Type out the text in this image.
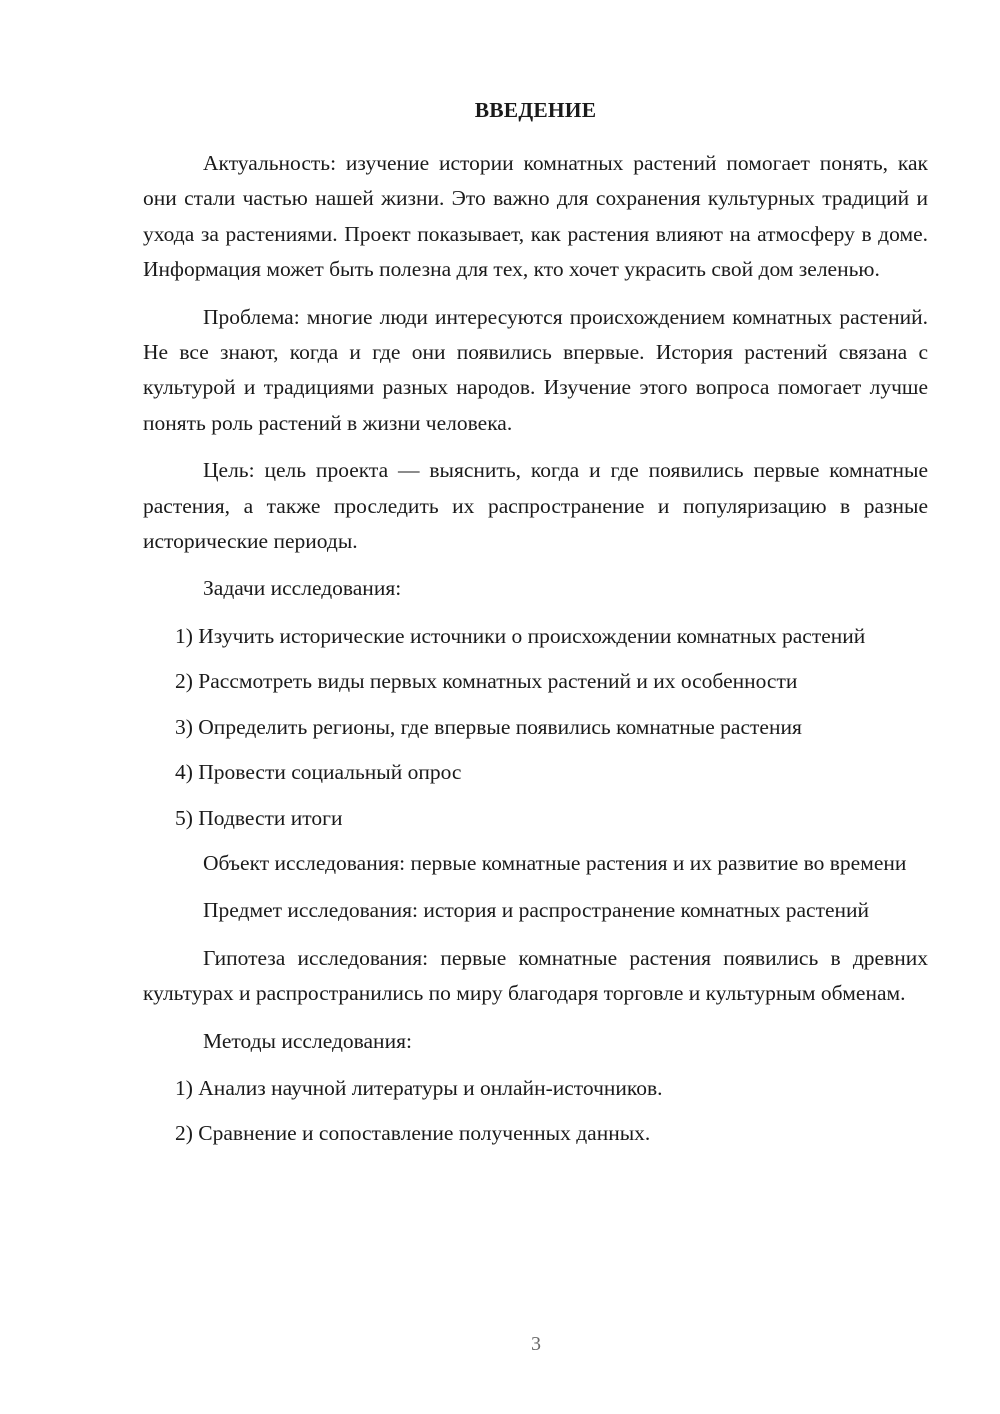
ВВЕДЕНИЕ

Актуальность: изучение истории комнатных растений помогает понять, как они стали частью нашей жизни. Это важно для сохранения культурных традиций и ухода за растениями. Проект показывает, как растения влияют на атмосферу в доме. Информация может быть полезна для тех, кто хочет украсить свой дом зеленью.

Проблема: многие люди интересуются происхождением комнатных растений. Не все знают, когда и где они появились впервые. История растений связана с культурой и традициями разных народов. Изучение этого вопроса помогает лучше понять роль растений в жизни человека.

Цель: цель проекта — выяснить, когда и где появились первые комнатные растения, а также проследить их распространение и популяризацию в разные исторические периоды.

Задачи исследования:

1) Изучить исторические источники о происхождении комнатных растений

2) Рассмотреть виды первых комнатных растений и их особенности

3) Определить регионы, где впервые появились комнатные растения

4) Провести социальный опрос

5) Подвести итоги

Объект исследования: первые комнатные растения и их развитие во времени

Предмет исследования: история и распространение комнатных растений

Гипотеза исследования: первые комнатные растения появились в древних культурах и распространились по миру благодаря торговле и культурным обменам.

Методы исследования:

1) Анализ научной литературы и онлайн-источников.

2) Сравнение и сопоставление полученных данных.

3
